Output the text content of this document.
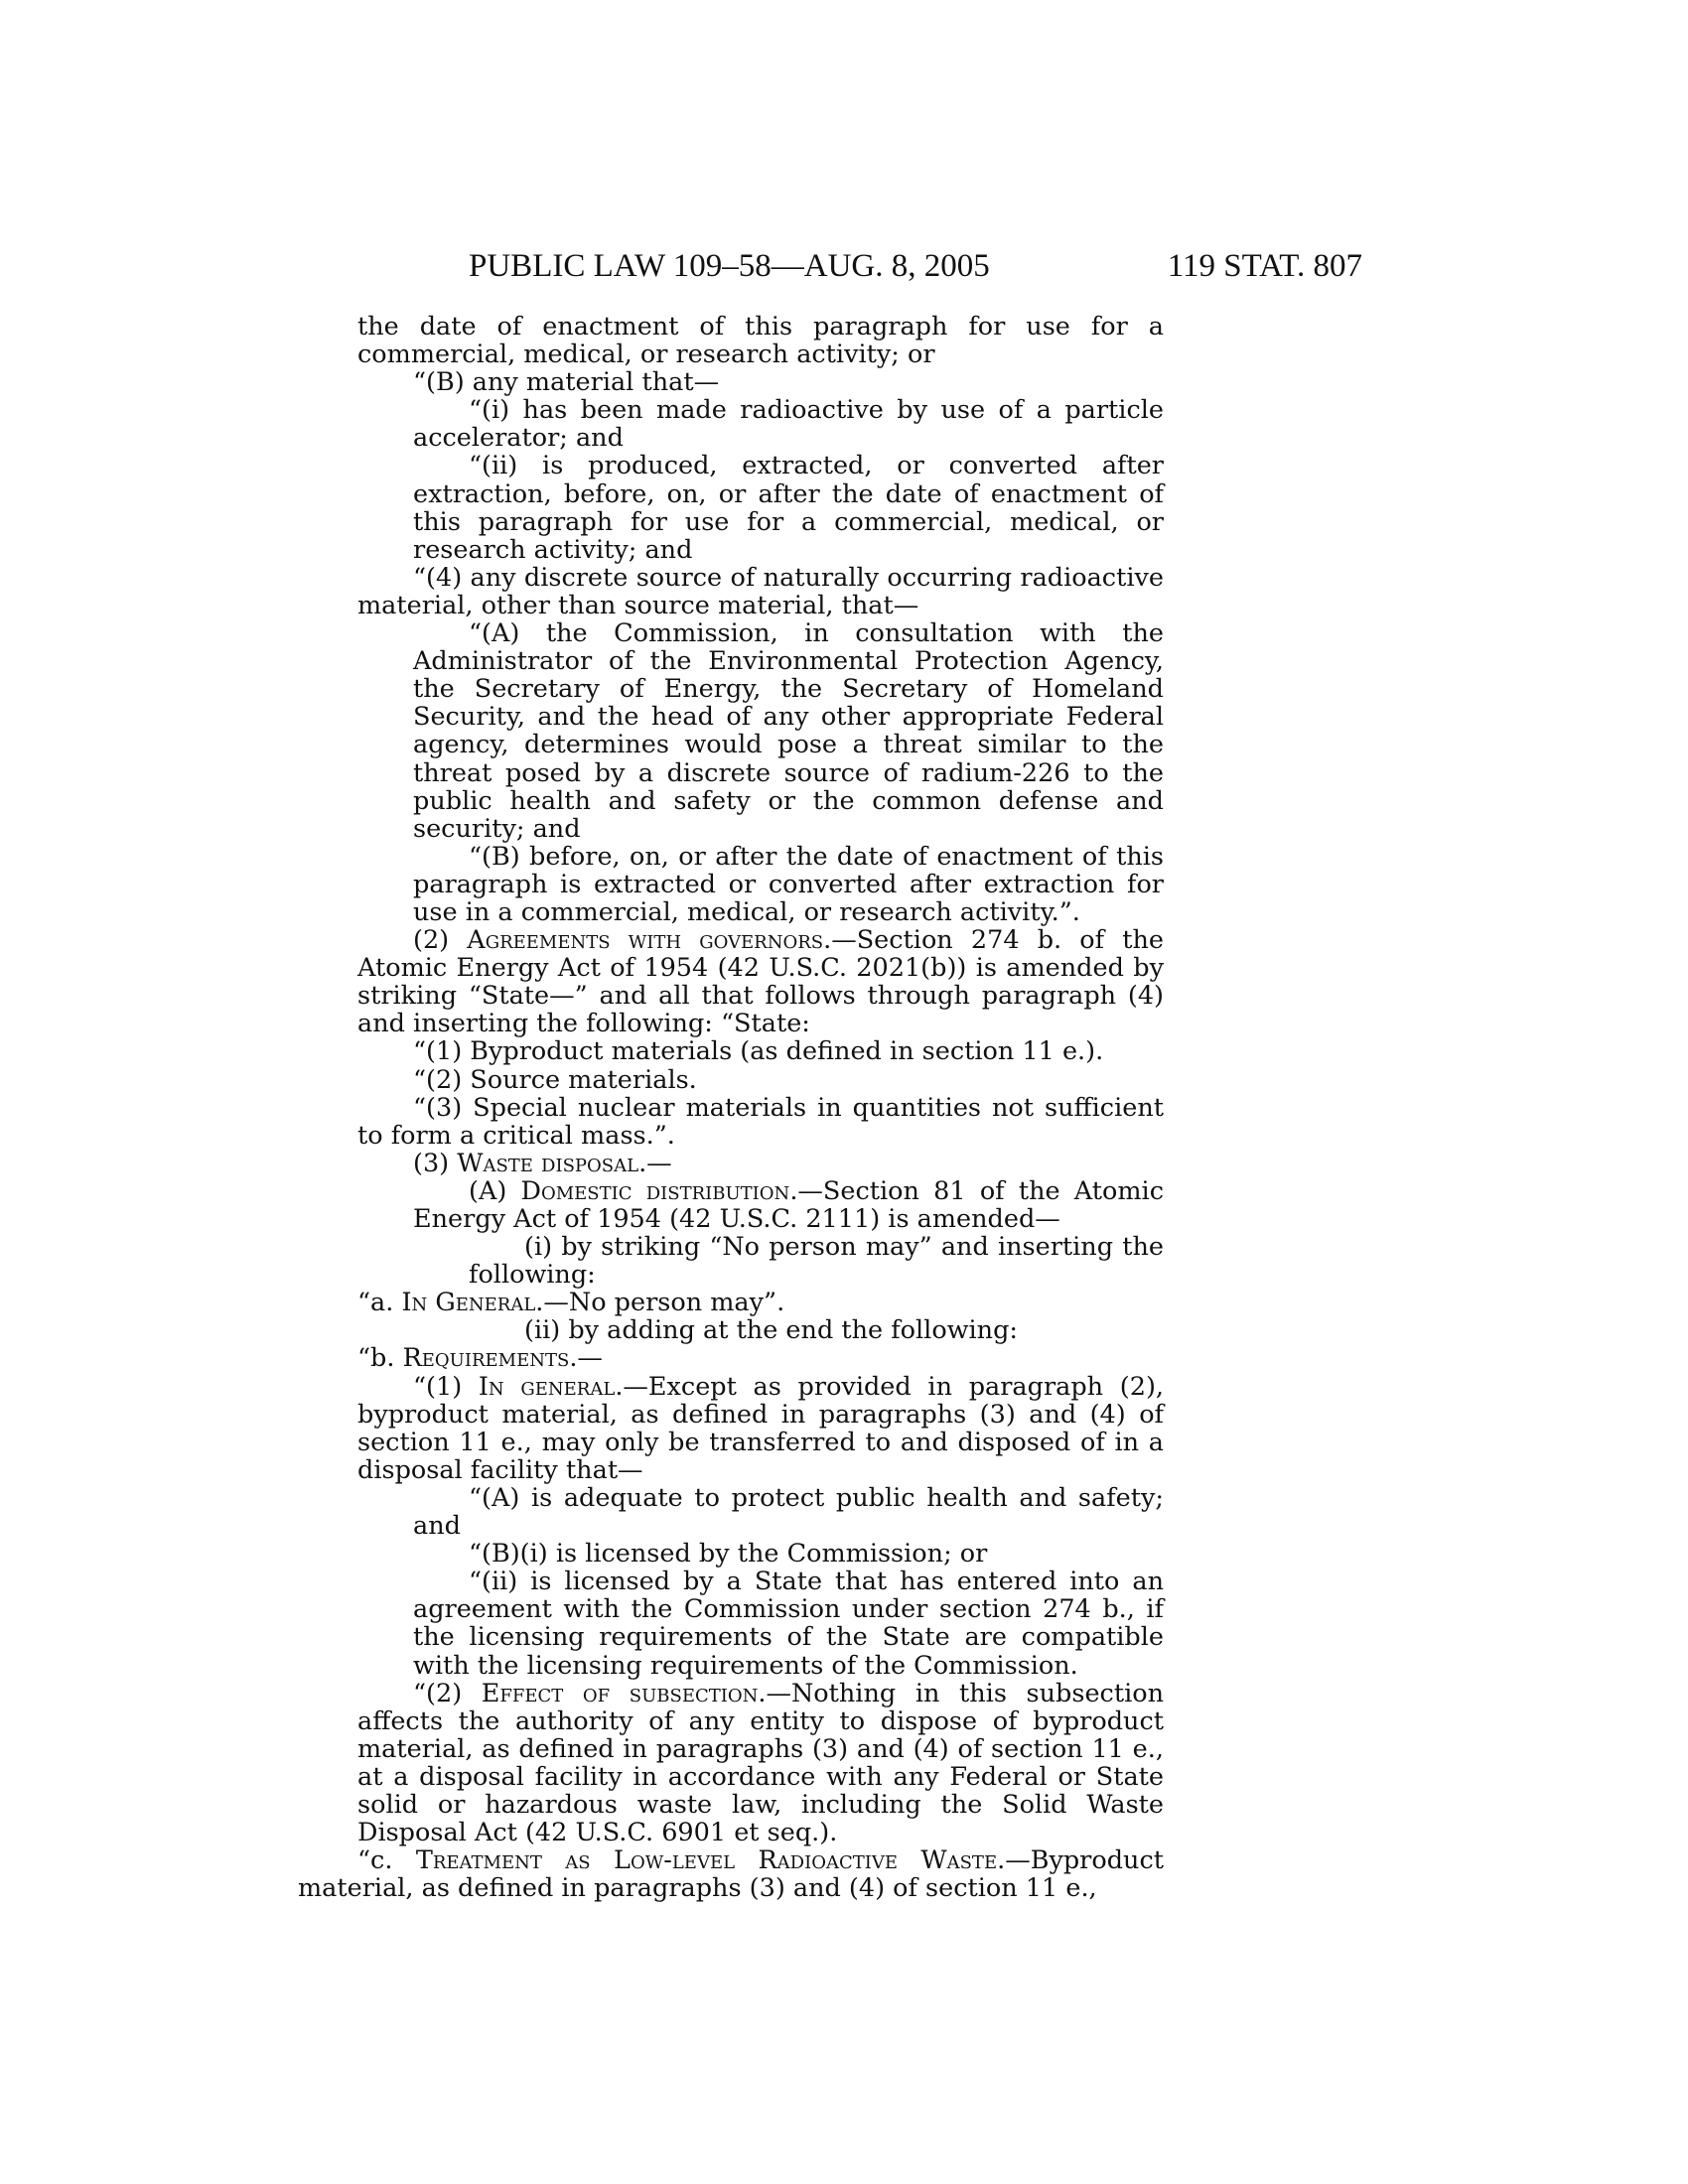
PUBLIC LAW 109–58—AUG. 8, 2005	119 STAT. 807

the date of enactment of this paragraph for use for a commercial, medical, or research activity; or

“(B) any material that—

“(i) has been made radioactive by use of a particle accelerator; and

“(ii) is produced, extracted, or converted after extraction, before, on, or after the date of enactment of this paragraph for use for a commercial, medical, or research activity; and

“(4) any discrete source of naturally occurring radioactive material, other than source material, that—

“(A) the Commission, in consultation with the Administrator of the Environmental Protection Agency, the Secretary of Energy, the Secretary of Homeland Security, and the head of any other appropriate Federal agency, determines would pose a threat similar to the threat posed by a discrete source of radium-226 to the public health and safety or the common defense and security; and

“(B) before, on, or after the date of enactment of this paragraph is extracted or converted after extraction for use in a commercial, medical, or research activity.”.

(2) Agreements with governors.—Section 274 b. of the Atomic Energy Act of 1954 (42 U.S.C. 2021(b)) is amended by striking “State—” and all that follows through paragraph (4) and inserting the following: “State:

“(1) Byproduct materials (as defined in section 11 e.).

“(2) Source materials.

“(3) Special nuclear materials in quantities not sufficient to form a critical mass.”.

(3) Waste disposal.—

(A) Domestic distribution.—Section 81 of the Atomic Energy Act of 1954 (42 U.S.C. 2111) is amended—

(i) by striking “No person may” and inserting the following:

“a. In General.—No person may”.

(ii) by adding at the end the following:

“b. Requirements.—

“(1) In general.—Except as provided in paragraph (2), byproduct material, as defined in paragraphs (3) and (4) of section 11 e., may only be transferred to and disposed of in a disposal facility that—

“(A) is adequate to protect public health and safety; and

“(B)(i) is licensed by the Commission; or

“(ii) is licensed by a State that has entered into an agreement with the Commission under section 274 b., if the licensing requirements of the State are compatible with the licensing requirements of the Commission.

“(2) Effect of subsection.—Nothing in this subsection affects the authority of any entity to dispose of byproduct material, as defined in paragraphs (3) and (4) of section 11 e., at a disposal facility in accordance with any Federal or State solid or hazardous waste law, including the Solid Waste Disposal Act (42 U.S.C. 6901 et seq.).

“c. Treatment as Low-level Radioactive Waste.—Byproduct material, as defined in paragraphs (3) and (4) of section 11 e.,
